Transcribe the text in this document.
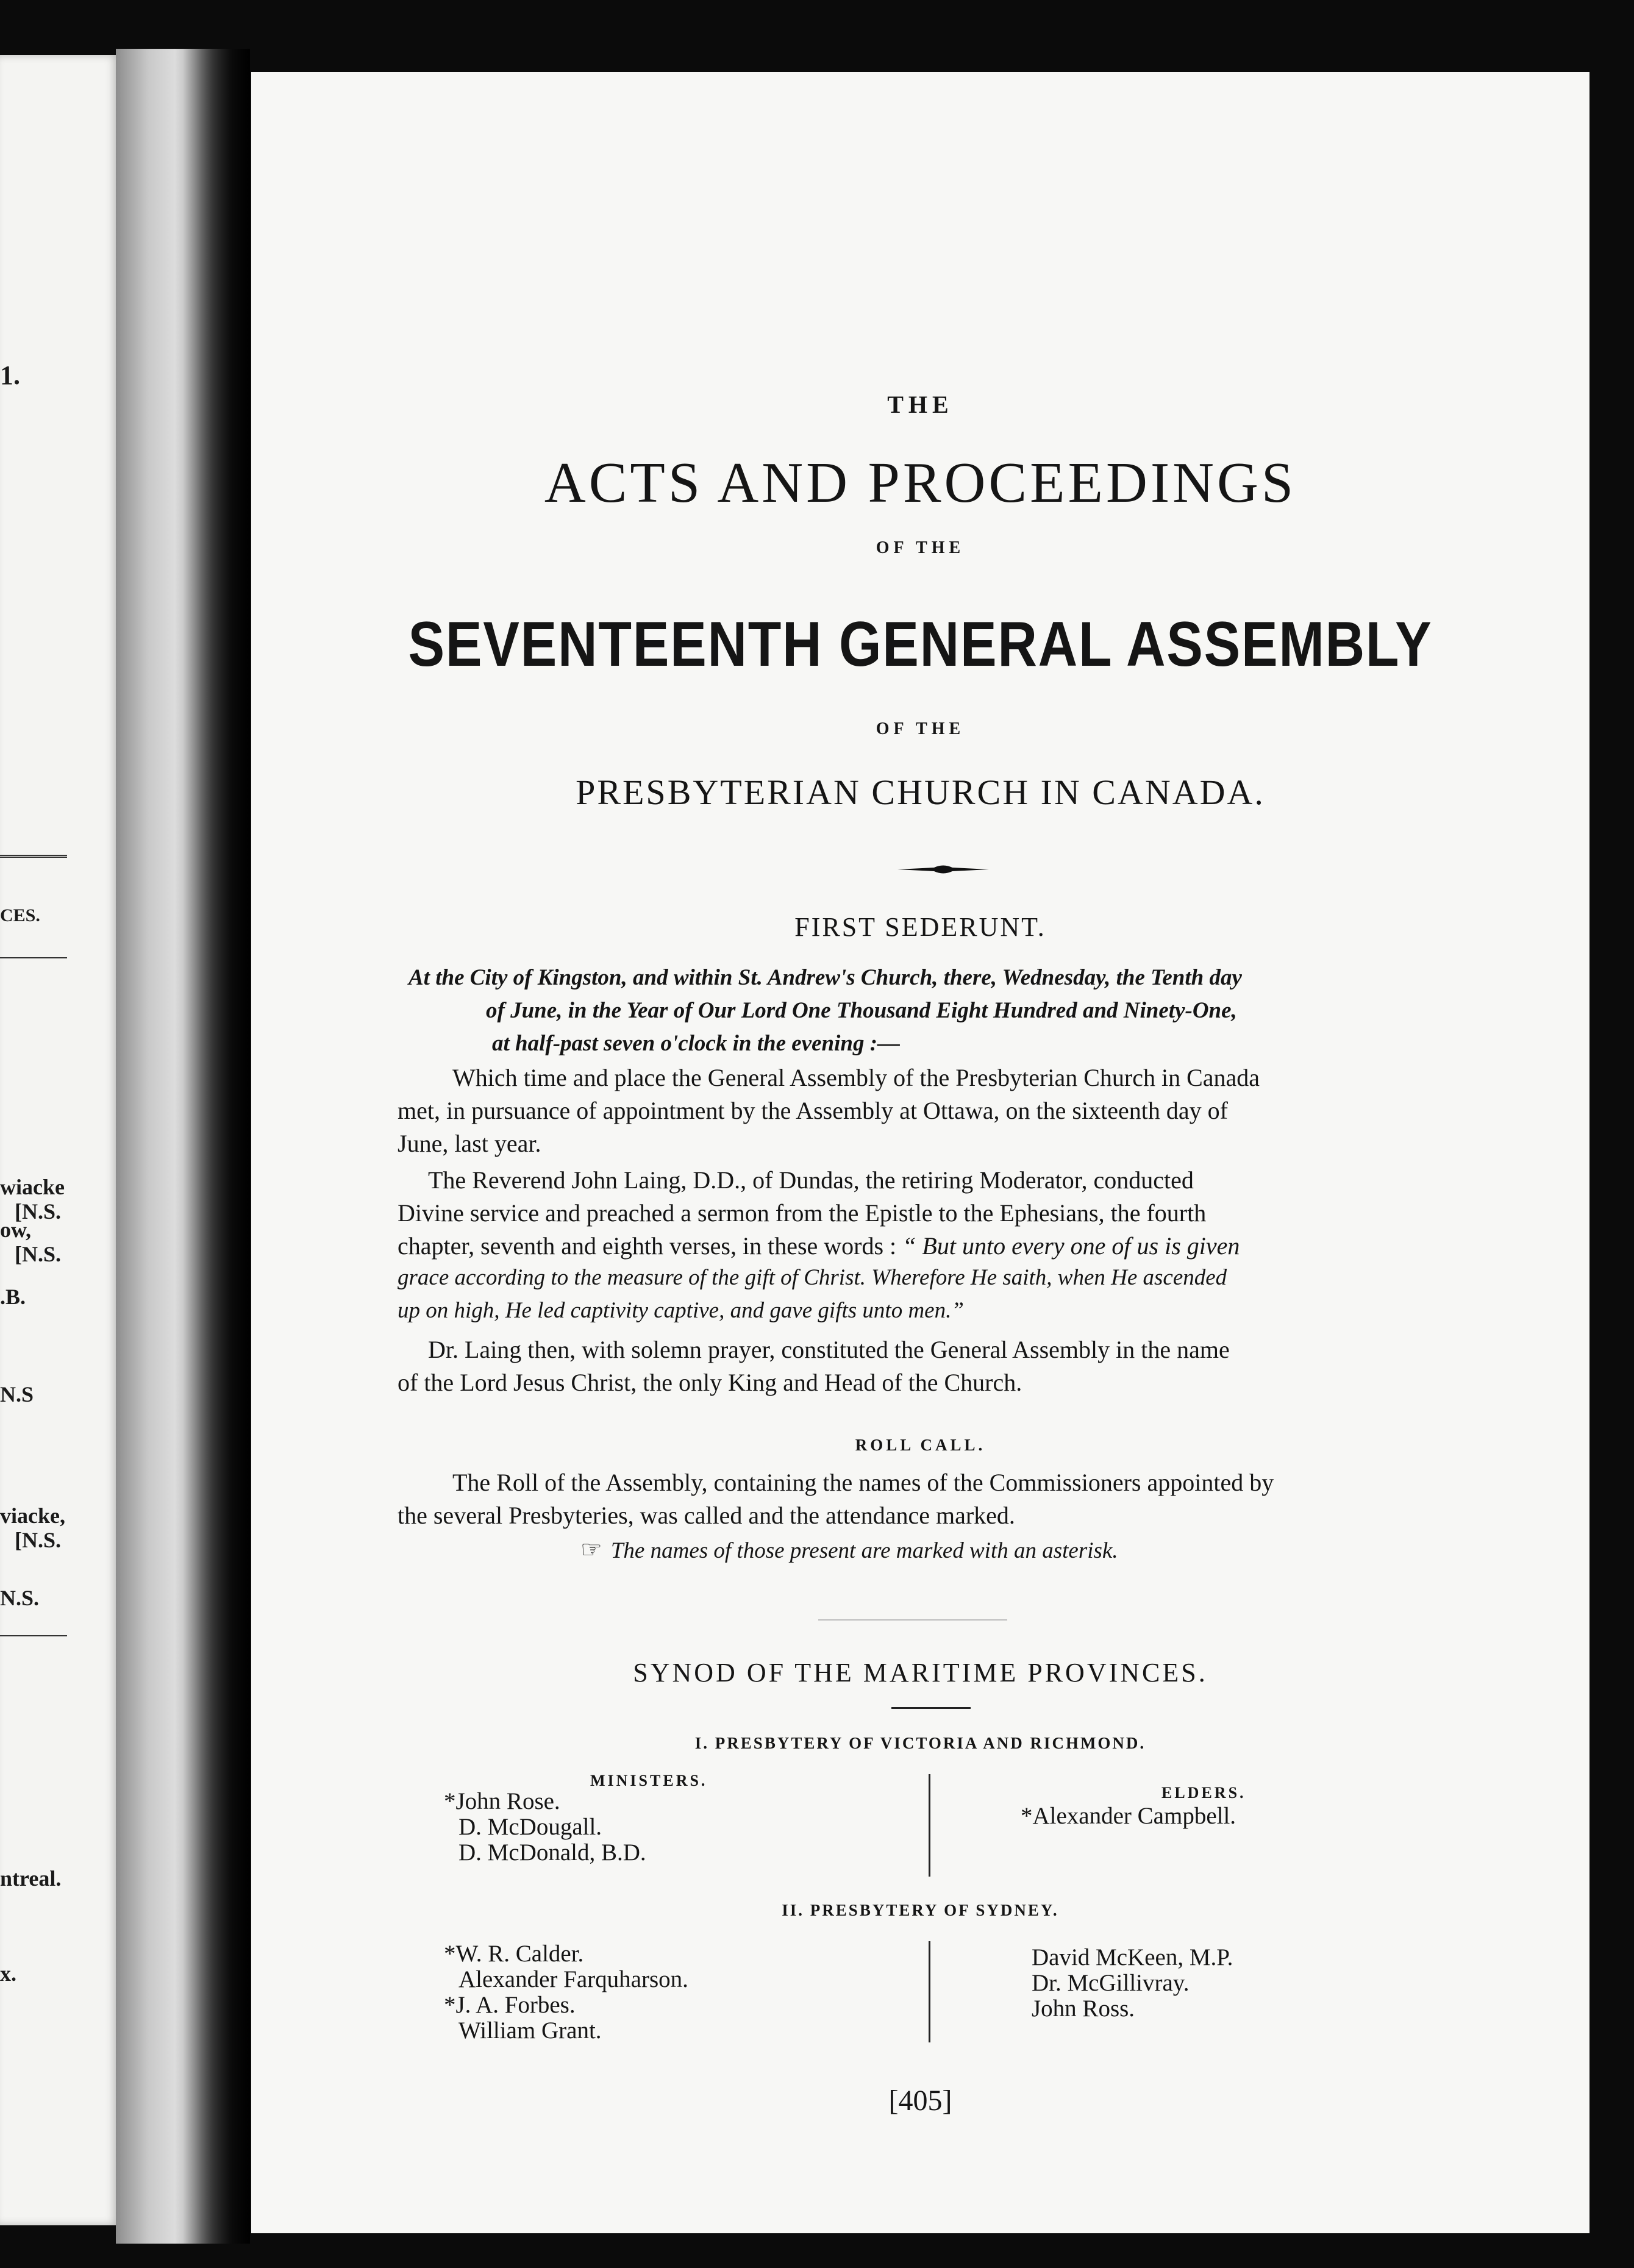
1.
CES.
wiacke
[N.S.
ow,
[N.S.
.B.
N.S
viacke,
[N.S.
N.S.
ntreal.
x.
THE
ACTS AND PROCEEDINGS
OF THE
SEVENTEENTH GENERAL ASSEMBLY
OF THE
PRESBYTERIAN CHURCH IN CANADA.
FIRST SEDERUNT.
At the City of Kingston, and within St. Andrew's Church, there, Wednesday, the Tenth day
of June, in the Year of Our Lord One Thousand Eight Hundred and Ninety-One,
at half-past seven o'clock in the evening :—
Which time and place the General Assembly of the Presbyterian Church in Canada
met, in pursuance of appointment by the Assembly at Ottawa, on the sixteenth day of
June, last year.
The Reverend John Laing, D.D., of Dundas, the retiring Moderator, conducted
Divine service and preached a sermon from the Epistle to the Ephesians, the fourth
chapter, seventh and eighth verses, in these words : “ But unto every one of us is given
grace according to the measure of the gift of Christ. Wherefore He saith, when He ascended
up on high, He led captivity captive, and gave gifts unto men.”
Dr. Laing then, with solemn prayer, constituted the General Assembly in the name
of the Lord Jesus Christ, the only King and Head of the Church.
ROLL CALL.
The Roll of the Assembly, containing the names of the Commissioners appointed by
the several Presbyteries, was called and the attendance marked.
☞ The names of those present are marked with an asterisk.
SYNOD OF THE MARITIME PROVINCES.
I. PRESBYTERY OF VICTORIA AND RICHMOND.
MINISTERS.
ELDERS.
*John Rose.
D. McDougall.
D. McDonald, B.D.
*Alexander Campbell.
II. PRESBYTERY OF SYDNEY.
*W. R. Calder.
Alexander Farquharson.
*J. A. Forbes.
William Grant.
David McKeen, M.P.
Dr. McGillivray.
John Ross.
[405]
